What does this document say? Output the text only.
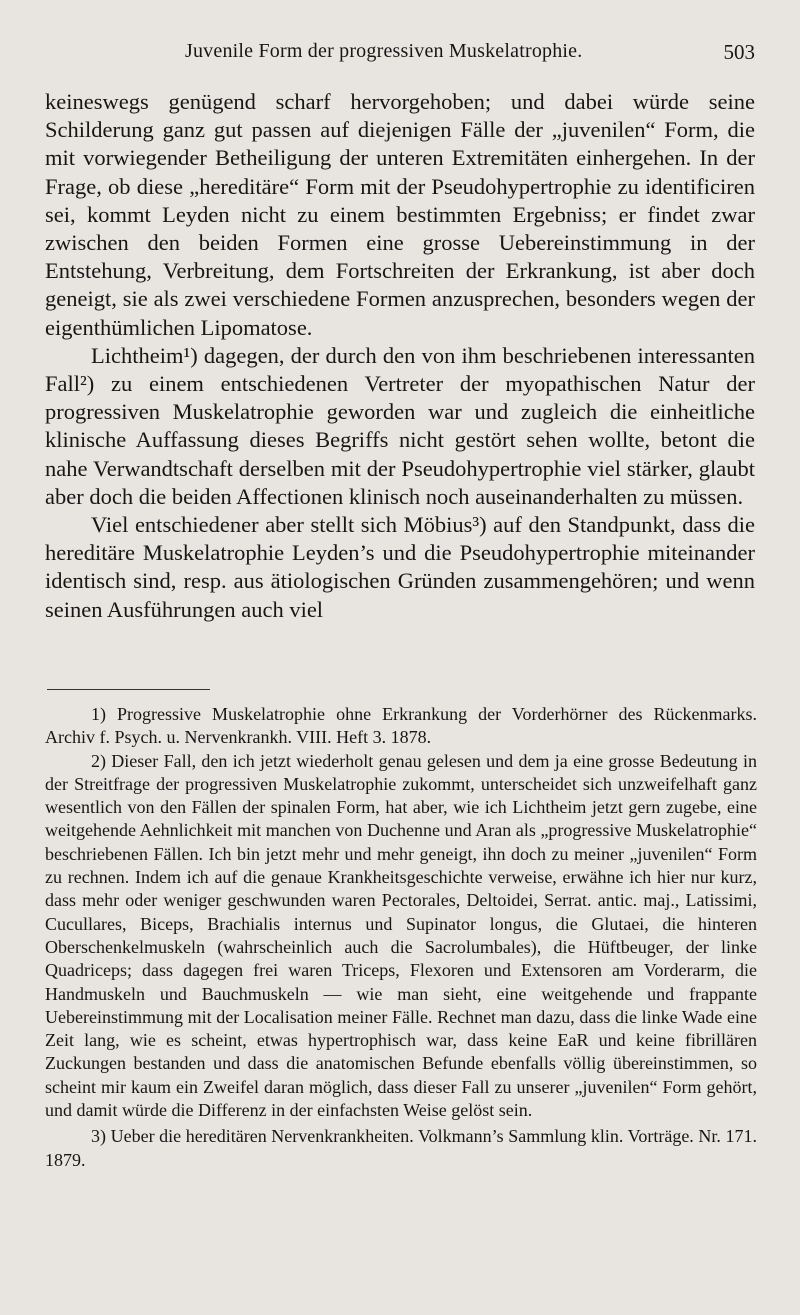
Juvenile Form der progressiven Muskelatrophie.	503

keineswegs genügend scharf hervorgehoben; und dabei würde seine Schilderung ganz gut passen auf diejenigen Fälle der „juvenilen“ Form, die mit vorwiegender Betheiligung der unteren Extremitäten einhergehen. In der Frage, ob diese „hereditäre“ Form mit der Pseudohypertrophie zu identificiren sei, kommt Leyden nicht zu einem bestimmten Ergebniss; er findet zwar zwischen den beiden Formen eine grosse Uebereinstimmung in der Entstehung, Verbreitung, dem Fortschreiten der Erkrankung, ist aber doch geneigt, sie als zwei verschiedene Formen anzusprechen, besonders wegen der eigenthümlichen Lipomatose.

Lichtheim¹) dagegen, der durch den von ihm beschriebenen interessanten Fall²) zu einem entschiedenen Vertreter der myopathischen Natur der progressiven Muskelatrophie geworden war und zugleich die einheitliche klinische Auffassung dieses Begriffs nicht gestört sehen wollte, betont die nahe Verwandtschaft derselben mit der Pseudohypertrophie viel stärker, glaubt aber doch die beiden Affectionen klinisch noch auseinanderhalten zu müssen.

Viel entschiedener aber stellt sich Möbius³) auf den Standpunkt, dass die hereditäre Muskelatrophie Leyden’s und die Pseudohypertrophie miteinander identisch sind, resp. aus ätiologischen Gründen zusammengehören; und wenn seinen Ausführungen auch viel

1) Progressive Muskelatrophie ohne Erkrankung der Vorderhörner des Rückenmarks. Archiv f. Psych. u. Nervenkrankh. VIII. Heft 3. 1878.

2) Dieser Fall, den ich jetzt wiederholt genau gelesen und dem ja eine grosse Bedeutung in der Streitfrage der progressiven Muskelatrophie zukommt, unterscheidet sich unzweifelhaft ganz wesentlich von den Fällen der spinalen Form, hat aber, wie ich Lichtheim jetzt gern zugebe, eine weitgehende Aehnlichkeit mit manchen von Duchenne und Aran als „progressive Muskelatrophie“ beschriebenen Fällen. Ich bin jetzt mehr und mehr geneigt, ihn doch zu meiner „juvenilen“ Form zu rechnen. Indem ich auf die genaue Krankheitsgeschichte verweise, erwähne ich hier nur kurz, dass mehr oder weniger geschwunden waren Pectorales, Deltoidei, Serrat. antic. maj., Latissimi, Cucullares, Biceps, Brachialis internus und Supinator longus, die Glutaei, die hinteren Oberschenkelmuskeln (wahrscheinlich auch die Sacrolumbales), die Hüftbeuger, der linke Quadriceps; dass dagegen frei waren Triceps, Flexoren und Extensoren am Vorderarm, die Handmuskeln und Bauchmuskeln — wie man sieht, eine weitgehende und frappante Uebereinstimmung mit der Localisation meiner Fälle. Rechnet man dazu, dass die linke Wade eine Zeit lang, wie es scheint, etwas hypertrophisch war, dass keine EaR und keine fibrillären Zuckungen bestanden und dass die anatomischen Befunde ebenfalls völlig übereinstimmen, so scheint mir kaum ein Zweifel daran möglich, dass dieser Fall zu unserer „juvenilen“ Form gehört, und damit würde die Differenz in der einfachsten Weise gelöst sein.

3) Ueber die hereditären Nervenkrankheiten. Volkmann’s Sammlung klin. Vorträge. Nr. 171. 1879.
